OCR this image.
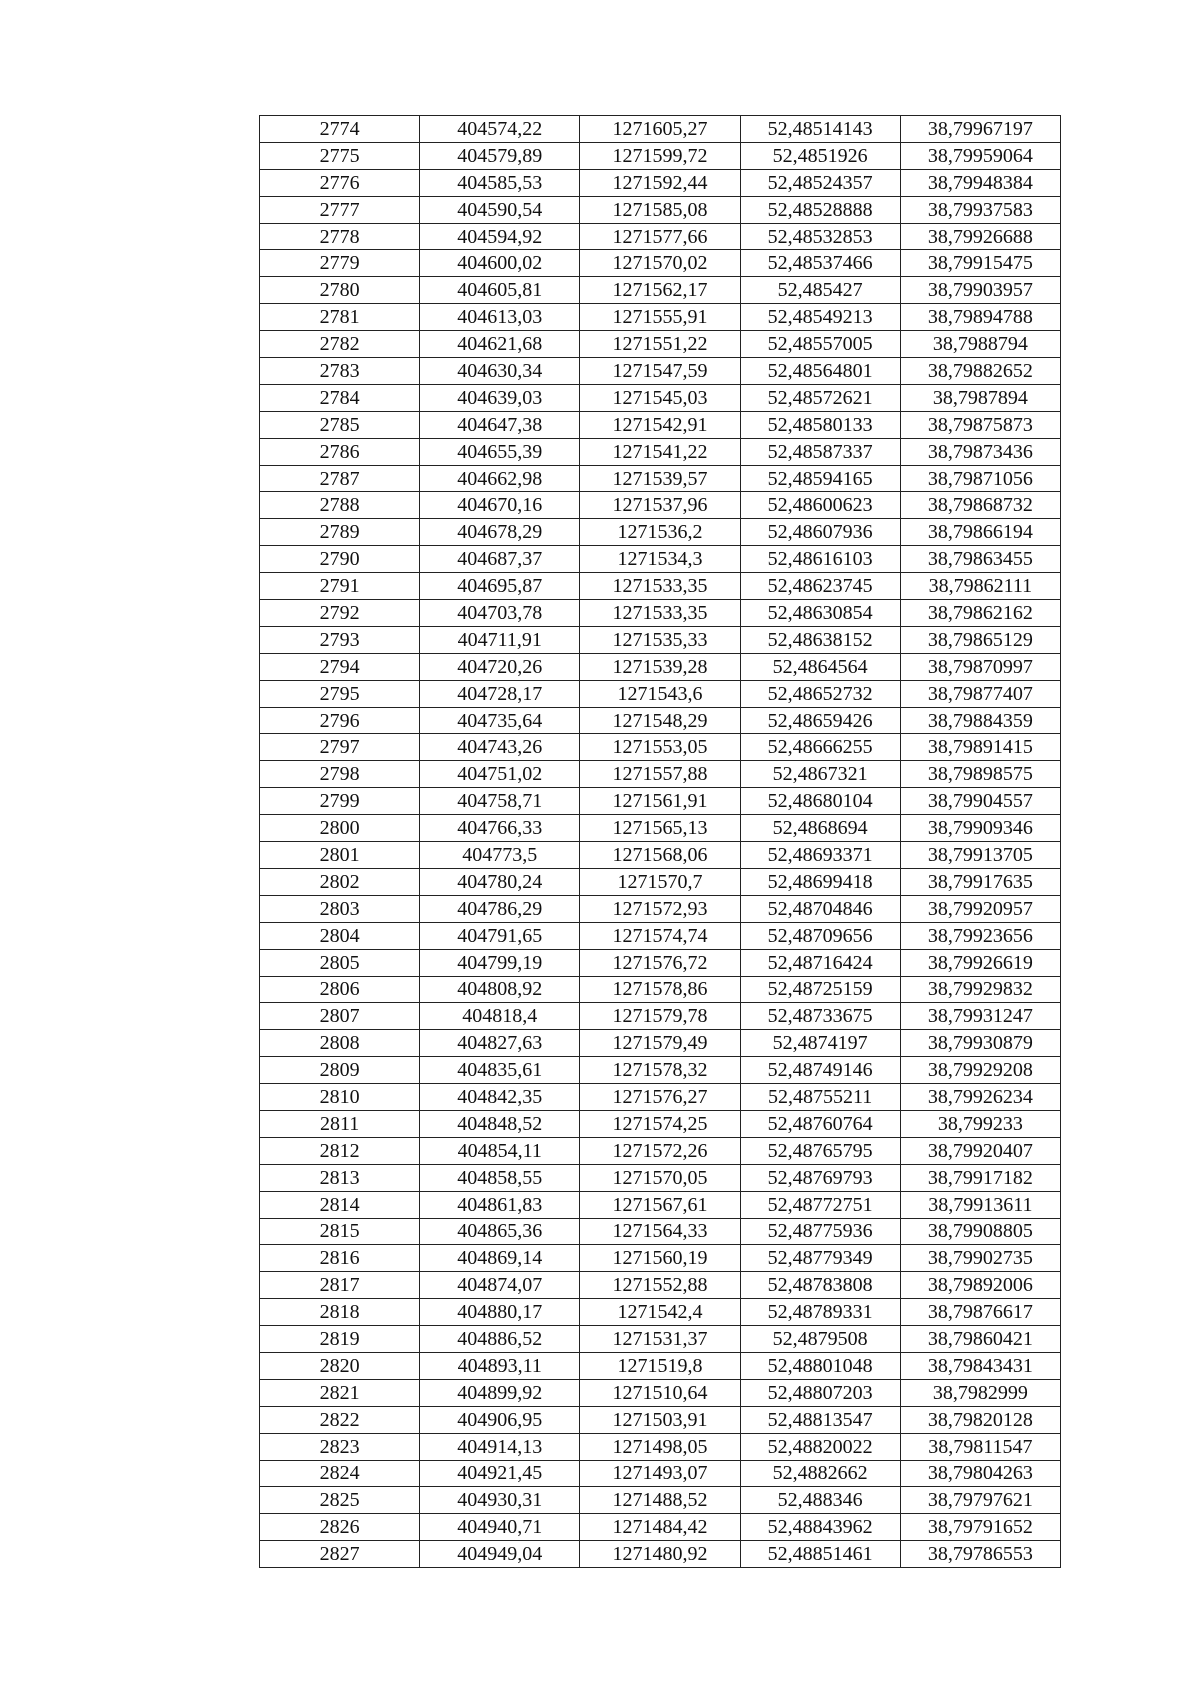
2774	404574,22	1271605,27	52,48514143	38,79967197
2775	404579,89	1271599,72	52,4851926	38,79959064
2776	404585,53	1271592,44	52,48524357	38,79948384
2777	404590,54	1271585,08	52,48528888	38,79937583
2778	404594,92	1271577,66	52,48532853	38,79926688
2779	404600,02	1271570,02	52,48537466	38,79915475
2780	404605,81	1271562,17	52,485427	38,79903957
2781	404613,03	1271555,91	52,48549213	38,79894788
2782	404621,68	1271551,22	52,48557005	38,7988794
2783	404630,34	1271547,59	52,48564801	38,79882652
2784	404639,03	1271545,03	52,48572621	38,7987894
2785	404647,38	1271542,91	52,48580133	38,79875873
2786	404655,39	1271541,22	52,48587337	38,79873436
2787	404662,98	1271539,57	52,48594165	38,79871056
2788	404670,16	1271537,96	52,48600623	38,79868732
2789	404678,29	1271536,2	52,48607936	38,79866194
2790	404687,37	1271534,3	52,48616103	38,79863455
2791	404695,87	1271533,35	52,48623745	38,79862111
2792	404703,78	1271533,35	52,48630854	38,79862162
2793	404711,91	1271535,33	52,48638152	38,79865129
2794	404720,26	1271539,28	52,4864564	38,79870997
2795	404728,17	1271543,6	52,48652732	38,79877407
2796	404735,64	1271548,29	52,48659426	38,79884359
2797	404743,26	1271553,05	52,48666255	38,79891415
2798	404751,02	1271557,88	52,4867321	38,79898575
2799	404758,71	1271561,91	52,48680104	38,79904557
2800	404766,33	1271565,13	52,4868694	38,79909346
2801	404773,5	1271568,06	52,48693371	38,79913705
2802	404780,24	1271570,7	52,48699418	38,79917635
2803	404786,29	1271572,93	52,48704846	38,79920957
2804	404791,65	1271574,74	52,48709656	38,79923656
2805	404799,19	1271576,72	52,48716424	38,79926619
2806	404808,92	1271578,86	52,48725159	38,79929832
2807	404818,4	1271579,78	52,48733675	38,79931247
2808	404827,63	1271579,49	52,4874197	38,79930879
2809	404835,61	1271578,32	52,48749146	38,79929208
2810	404842,35	1271576,27	52,48755211	38,79926234
2811	404848,52	1271574,25	52,48760764	38,799233
2812	404854,11	1271572,26	52,48765795	38,79920407
2813	404858,55	1271570,05	52,48769793	38,79917182
2814	404861,83	1271567,61	52,48772751	38,79913611
2815	404865,36	1271564,33	52,48775936	38,79908805
2816	404869,14	1271560,19	52,48779349	38,79902735
2817	404874,07	1271552,88	52,48783808	38,79892006
2818	404880,17	1271542,4	52,48789331	38,79876617
2819	404886,52	1271531,37	52,4879508	38,79860421
2820	404893,11	1271519,8	52,48801048	38,79843431
2821	404899,92	1271510,64	52,48807203	38,7982999
2822	404906,95	1271503,91	52,48813547	38,79820128
2823	404914,13	1271498,05	52,48820022	38,79811547
2824	404921,45	1271493,07	52,4882662	38,79804263
2825	404930,31	1271488,52	52,488346	38,79797621
2826	404940,71	1271484,42	52,48843962	38,79791652
2827	404949,04	1271480,92	52,48851461	38,79786553
